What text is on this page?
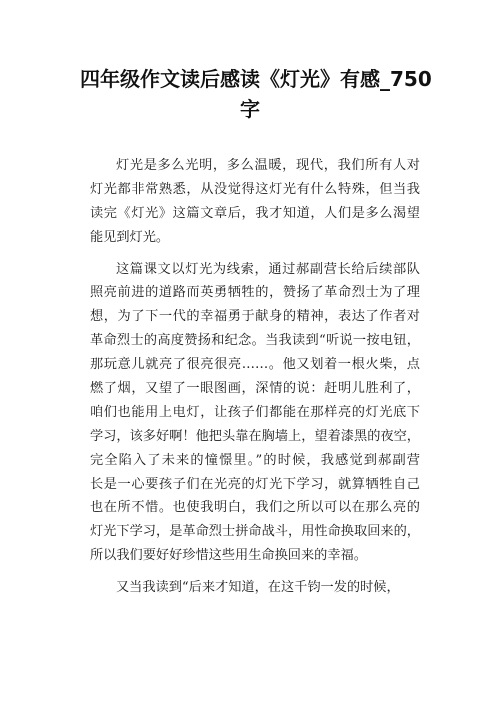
四年级作文读后感读《灯光》有感_750
字
灯光是多么光明，多么温暖，现代，我们所有人对
灯光都非常熟悉，从没觉得这灯光有什么特殊，但当我
读完《灯光》这篇文章后，我才知道，人们是多么渴望
能见到灯光。
这篇课文以灯光为线索，通过郝副营长给后续部队
照亮前进的道路而英勇牺牲的，赞扬了革命烈士为了理
想，为了下一代的幸福勇于献身的精神，表达了作者对
革命烈士的高度赞扬和纪念。当我读到“听说一按电钮，
那玩意儿就亮了很亮很亮……。他又划着一根火柴，点
燃了烟，又望了一眼图画，深情的说：赶明儿胜利了，
咱们也能用上电灯，让孩子们都能在那样亮的灯光底下
学习，该多好啊！他把头靠在胸墙上，望着漆黑的夜空，
完全陷入了未来的憧憬里。”的时候，我感觉到郝副营
长是一心要孩子们在光亮的灯光下学习，就算牺牲自己
也在所不惜。也使我明白，我们之所以可以在那么亮的
灯光下学习，是革命烈士拼命战斗，用性命换取回来的，
所以我们要好好珍惜这些用生命换回来的幸福。
又当我读到“后来才知道，在这千钧一发的时候，
